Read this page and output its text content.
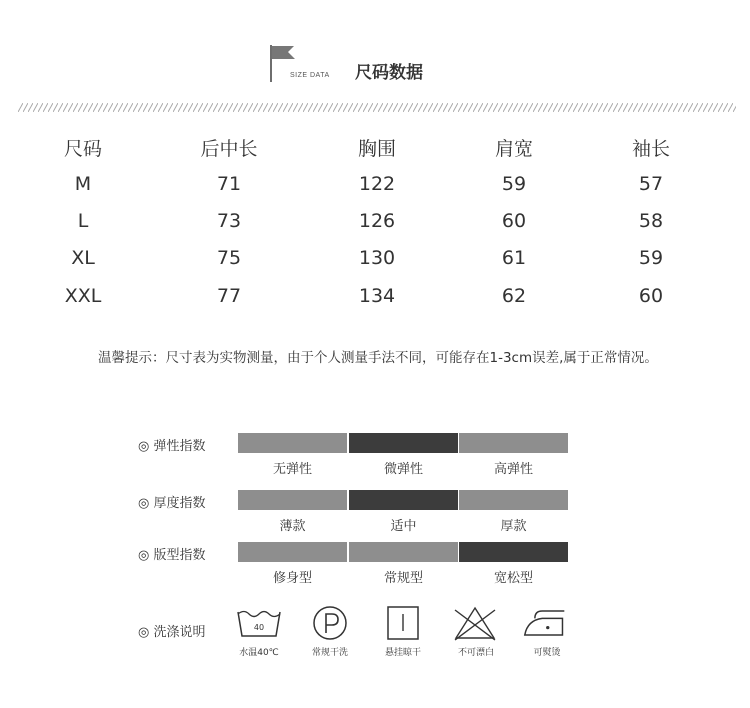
SIZE DATA 尺码数据
尺码	后中长	胸围	肩宽	袖长
M	71	122	59	57
L	73	126	60	58
XL	75	130	61	59
XXL	77	134	62	60
温馨提示：尺寸表为实物测量，由于个人测量手法不同，可能存在1-3cm误差,属于正常情况。
◎ 弹性指数
无弹性	微弹性	高弹性
◎ 厚度指数
薄款	适中	厚款
◎ 版型指数
修身型	常规型	宽松型
◎ 洗涤说明	40
水温40℃	常规干洗	悬挂晾干	不可漂白	可熨烫
